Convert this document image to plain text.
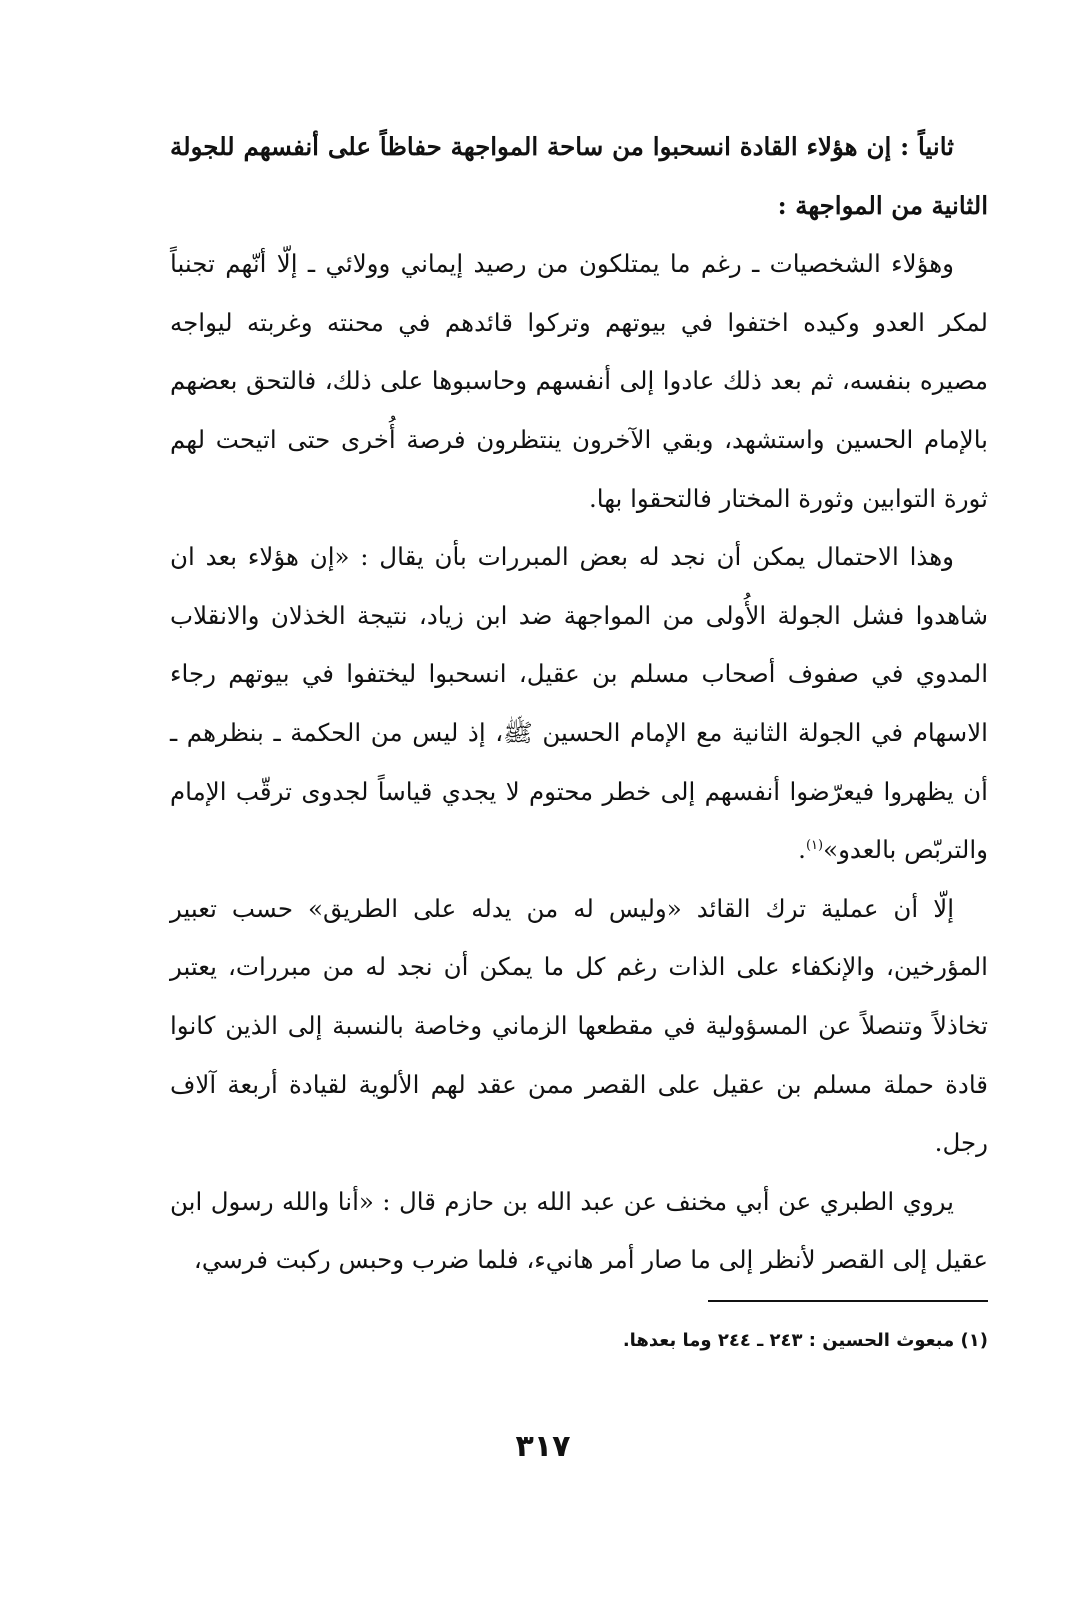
ثانياً : إن هؤلاء القادة انسحبوا من ساحة المواجهة حفاظاً على أنفسهم للجولة الثانية من المواجهة :

وهؤلاء الشخصيات ـ رغم ما يمتلكون من رصيد إيماني وولائي ـ إلّا أنّهم تجنباً لمكر العدو وكيده اختفوا في بيوتهم وتركوا قائدهم في محنته وغربته ليواجه مصيره بنفسه، ثم بعد ذلك عادوا إلى أنفسهم وحاسبوها على ذلك، فالتحق بعضهم بالإمام الحسين واستشهد، وبقي الآخرون ينتظرون فرصة أُخرى حتى اتيحت لهم ثورة التوابين وثورة المختار فالتحقوا بها.

وهذا الاحتمال يمكن أن نجد له بعض المبررات بأن يقال : «إن هؤلاء بعد ان شاهدوا فشل الجولة الأُولى من المواجهة ضد ابن زياد، نتيجة الخذلان والانقلاب المدوي في صفوف أصحاب مسلم بن عقيل، انسحبوا ليختفوا في بيوتهم رجاء الاسهام في الجولة الثانية مع الإمام الحسين ﷺ، إذ ليس من الحكمة ـ بنظرهم ـ أن يظهروا فيعرّضوا أنفسهم إلى خطر محتوم لا يجدي قياساً لجدوى ترقّب الإمام والتربّص بالعدو»$^{(١)}$.

إلّا أن عملية ترك القائد «وليس له من يدله على الطريق» حسب تعبير المؤرخين، والإنكفاء على الذات رغم كل ما يمكن أن نجد له من مبررات، يعتبر تخاذلاً وتنصلاً عن المسؤولية في مقطعها الزماني وخاصة بالنسبة إلى الذين كانوا قادة حملة مسلم بن عقيل على القصر ممن عقد لهم الألوية لقيادة أربعة آلاف رجل.

يروي الطبري عن أبي مخنف عن عبد الله بن حازم قال : «أنا والله رسول ابن عقيل إلى القصر لأنظر إلى ما صار أمر هانيء، فلما ضرب وحبس ركبت فرسي،

(١) مبعوث الحسين : ٢٤٣ ـ ٢٤٤ وما بعدها.
٣١٧
